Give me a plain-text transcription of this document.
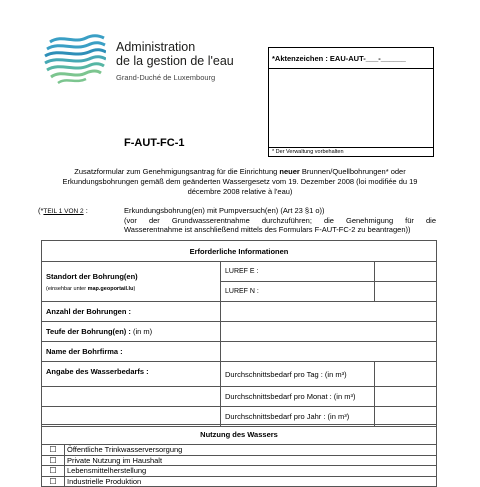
Administration
de la gestion de l'eau
Grand-Duché de Luxembourg
*Aktenzeichen : EAU-AUT-___-______
* Der Verwaltung vorbehalten
F-AUT-FC-1
Zusatzformular zum Genehmigungsantrag für die Einrichtung neuer Brunnen/Quellbohrungen* oder
Erkundungsbohrungen gemäß dem geänderten Wassergesetz vom 19. Dezember 2008 (loi modifiée du 19
décembre 2008 relative à l'eau)
(*TEIL 1 VON 2 :	Erkundungsbohrung(en) mit Pumpversuch(en) (Art 23 §1 o))
(vor der Grundwasserentnahme durchzuführen; die Genehmigung für die
Wasserentnahme ist anschließend mittels des Formulars F-AUT-FC-2 zu beantragen))
Erforderliche Informationen		

Standort der Bohrung(en)
(einsehbar unter map.geoportail.lu)	LUREF E :	
	LUREF N :	
Anzahl der Bohrungen :		
Teufe der Bohrung(en) : (in m)		
Name der Bohrfirma :		
Angabe des Wasserbedarfs :	Durchschnittsbedarf pro Tag : (in m³)	
	Durchschnittsbedarf pro Monat : (in m³)	
	Durchschnittsbedarf pro Jahr : (in m³)	
Nutzung des Wassers	
☐	Öffentliche Trinkwasserversorgung
☐	Private Nutzung im Haushalt
☐	Lebensmittelherstellung
☐	Industrielle Produktion
